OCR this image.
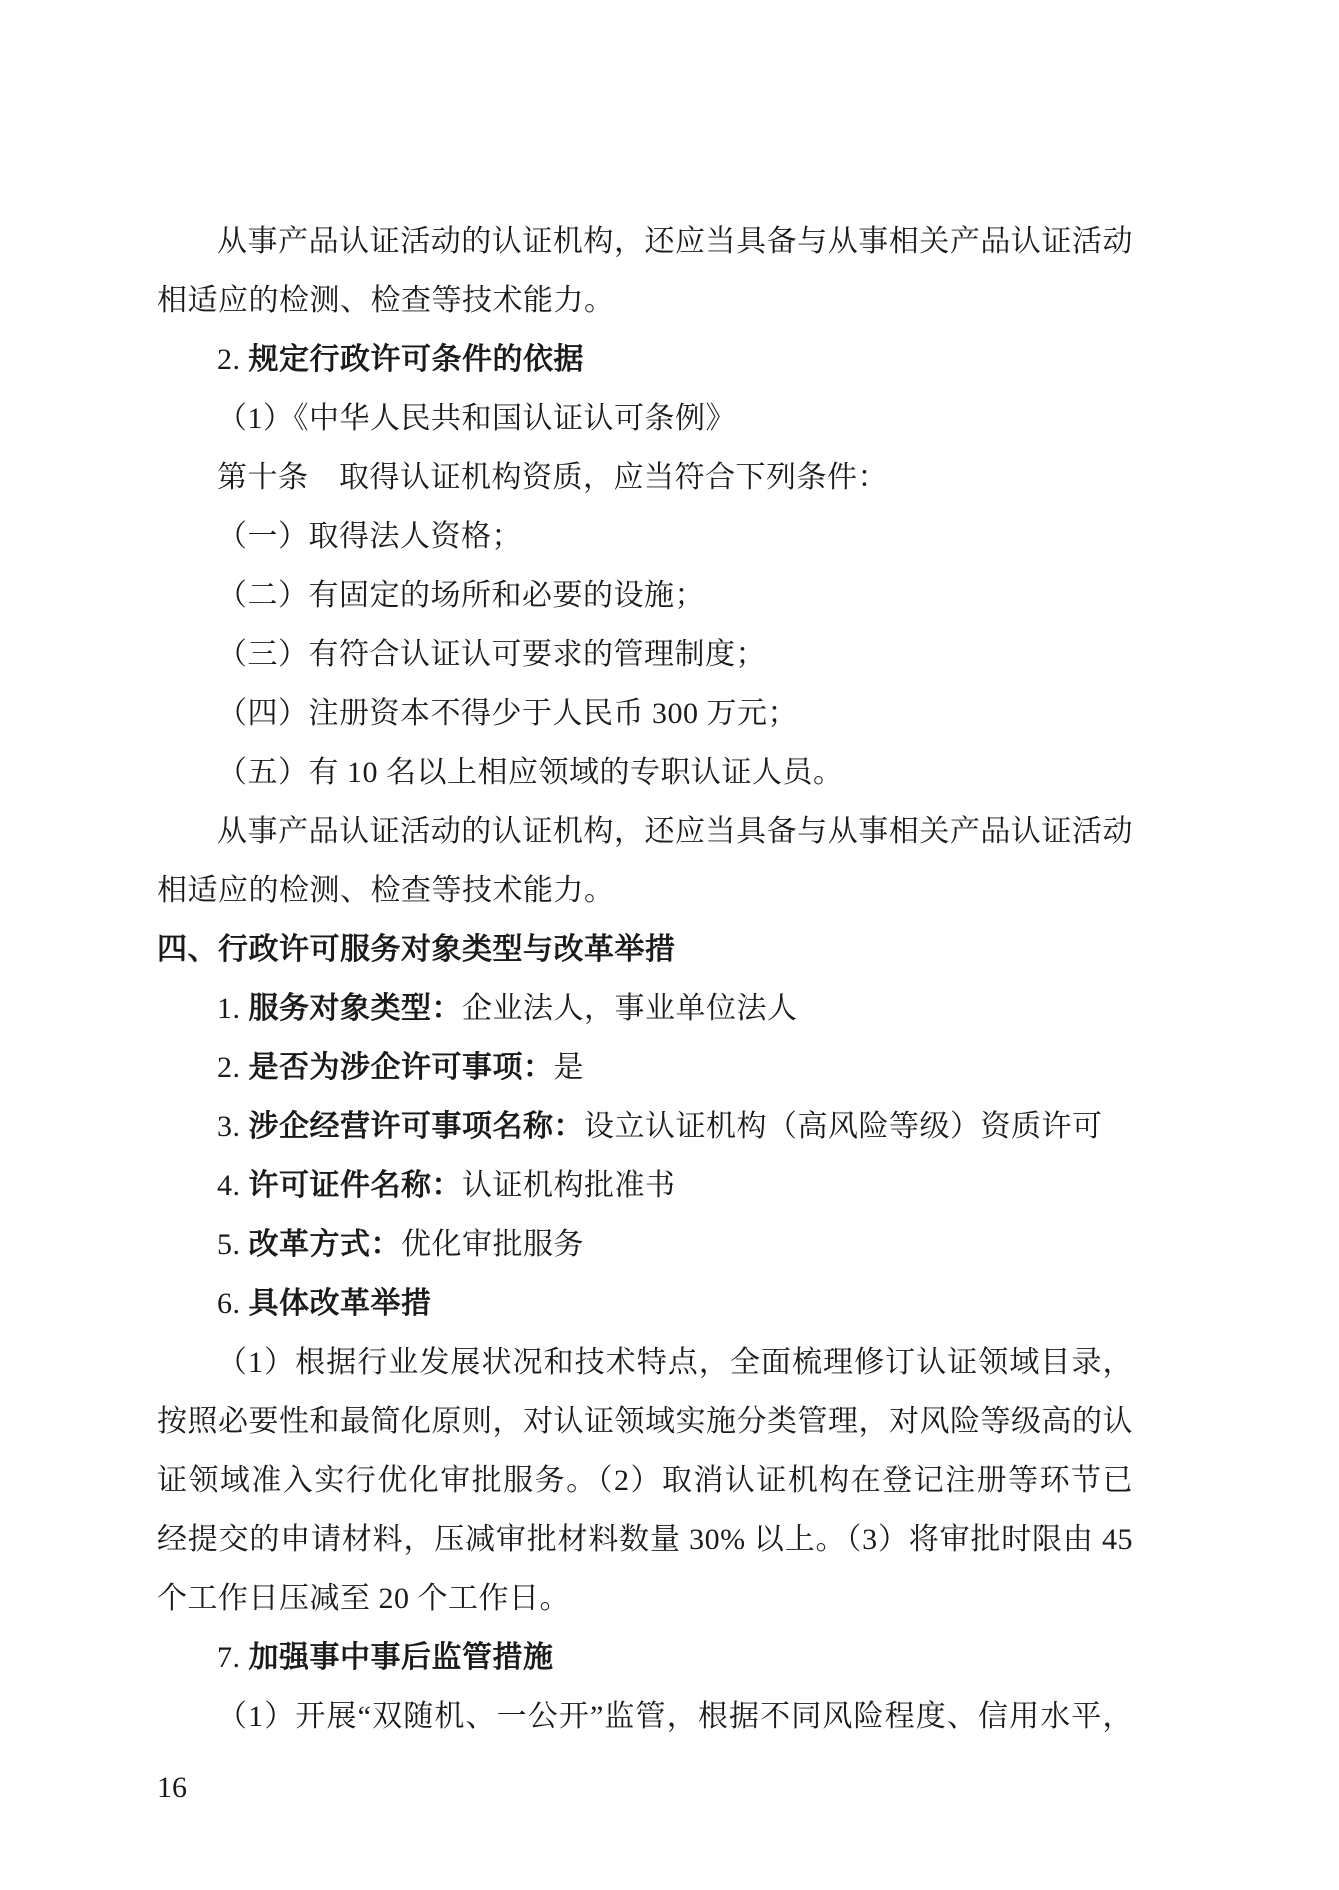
从事产品认证活动的认证机构，还应当具备与从事相关产品认证活动
相适应的检测、检查等技术能力。
2. 规定行政许可条件的依据
（1）《中华人民共和国认证认可条例》
第十条　取得认证机构资质，应当符合下列条件：
（一）取得法人资格；
（二）有固定的场所和必要的设施；
（三）有符合认证认可要求的管理制度；
（四）注册资本不得少于人民币 300 万元；
（五）有 10 名以上相应领域的专职认证人员。
从事产品认证活动的认证机构，还应当具备与从事相关产品认证活动
相适应的检测、检查等技术能力。
四、行政许可服务对象类型与改革举措
1. 服务对象类型：企业法人，事业单位法人
2. 是否为涉企许可事项：是
3. 涉企经营许可事项名称：设立认证机构（高风险等级）资质许可
4. 许可证件名称：认证机构批准书
5. 改革方式：优化审批服务
6. 具体改革举措
（1）根据行业发展状况和技术特点，全面梳理修订认证领域目录，
按照必要性和最简化原则，对认证领域实施分类管理，对风险等级高的认
证领域准入实行优化审批服务。（2）取消认证机构在登记注册等环节已
经提交的申请材料，压减审批材料数量 30% 以上。（3）将审批时限由 45
个工作日压减至 20 个工作日。
7. 加强事中事后监管措施
（1）开展“双随机、一公开”监管，根据不同风险程度、信用水平，
16
